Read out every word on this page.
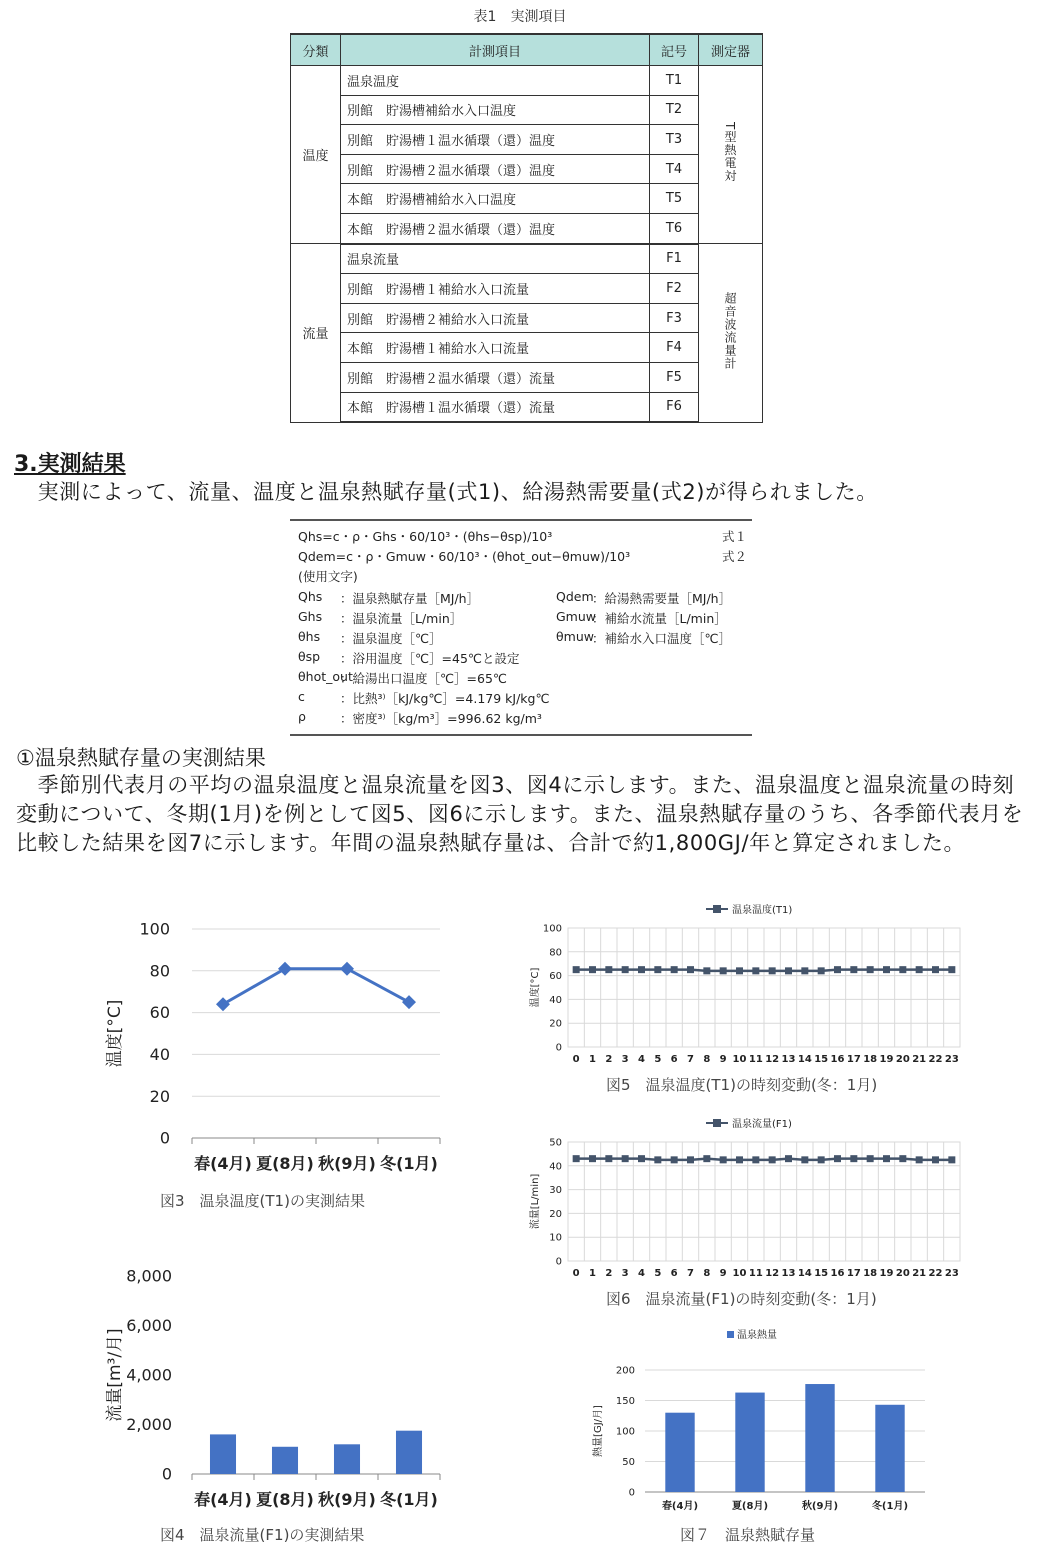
表1　実測項目
分類	計測項目	記号	測定器
温度	温泉温度	T1	T型熱電対
	別館　貯湯槽補給水入口温度	T2	
	別館　貯湯槽１温水循環（還）温度	T3	
	別館　貯湯槽２温水循環（還）温度	T4	
	本館　貯湯槽補給水入口温度	T5	
	本館　貯湯槽２温水循環（還）温度	T6	
流量	温泉流量	F1	超音波流量計
	別館　貯湯槽１補給水入口流量	F2	
	別館　貯湯槽２補給水入口流量	F3	
	本館　貯湯槽１補給水入口流量	F4	
	別館　貯湯槽２温水循環（還）流量	F5	
	本館　貯湯槽１温水循環（還）流量	F6	
3.実測結果
　実測によって、流量、温度と温泉熱賦存量(式1)、給湯熱需要量(式2)が得られました。
Qhs=c・ρ・Ghs・60/10³・(θhs−θsp)/10³	式１
Qdem=c・ρ・Gmuw・60/10³・(θhot_out−θmuw)/10³	式２
(使用文字)
Qhs ：温泉熱賦存量［MJ/h］
Ghs ：温泉流量［L/min］
θhs ：温泉温度［℃］
θsp ：浴用温度［℃］=45℃と設定
θhot_out
：給湯出口温度［℃］=65℃
c	：比熱³⁾［kJ/kg℃］=4.179 kJ/kg℃
ρ	：密度³⁾［kg/m³］=996.62 kg/m³
Qdem
：給湯熱需要量［MJ/h］
Gmuw
：補給水流量［L/min］
θmuw
：補給水入口温度［℃］
①温泉熱賦存量の実測結果
　季節別代表月の平均の温泉温度と温泉流量を図3、図4に示します。また、温泉温度と温泉流量の時刻変動について、冬期(1月)を例として図5、図6に示します。また、温泉熱賦存量のうち、各季節代表月を比較した結果を図7に示します。年間の温泉熱賦存量は、合計で約1,800GJ/年と算定されました。
0
20
40
60
80
100
春(4月) 夏(8月) 秋(9月) 冬(1月)
温度[°C]
図3　温泉温度(T1)の実測結果
0
2,000
4,000
6,000
8,000
春(4月) 夏(8月) 秋(9月) 冬(1月)
流量[m³/月]
図4　温泉流量(F1)の実測結果
0
20
40
60
80
100
0 1 2 3 4 5 6 7 8 9 10 11 12 13 14 15 16 17 18 19 20 21 22 23
温度[°C]
温泉温度(T1)
図5　温泉温度(T1)の時刻変動(冬：1月)
0
10
20
30
40
50
0 1 2 3 4 5 6 7 8 9 10 11 12 13 14 15 16 17 18 19 20 21 22 23
流量[L/min]
温泉流量(F1)
図6　温泉流量(F1)の時刻変動(冬：1月)
0
50
100
150
200
春(4月)	夏(8月)	秋(9月)	冬(1月)
熱量[GJ/月]
温泉熱量
図７　温泉熱賦存量
